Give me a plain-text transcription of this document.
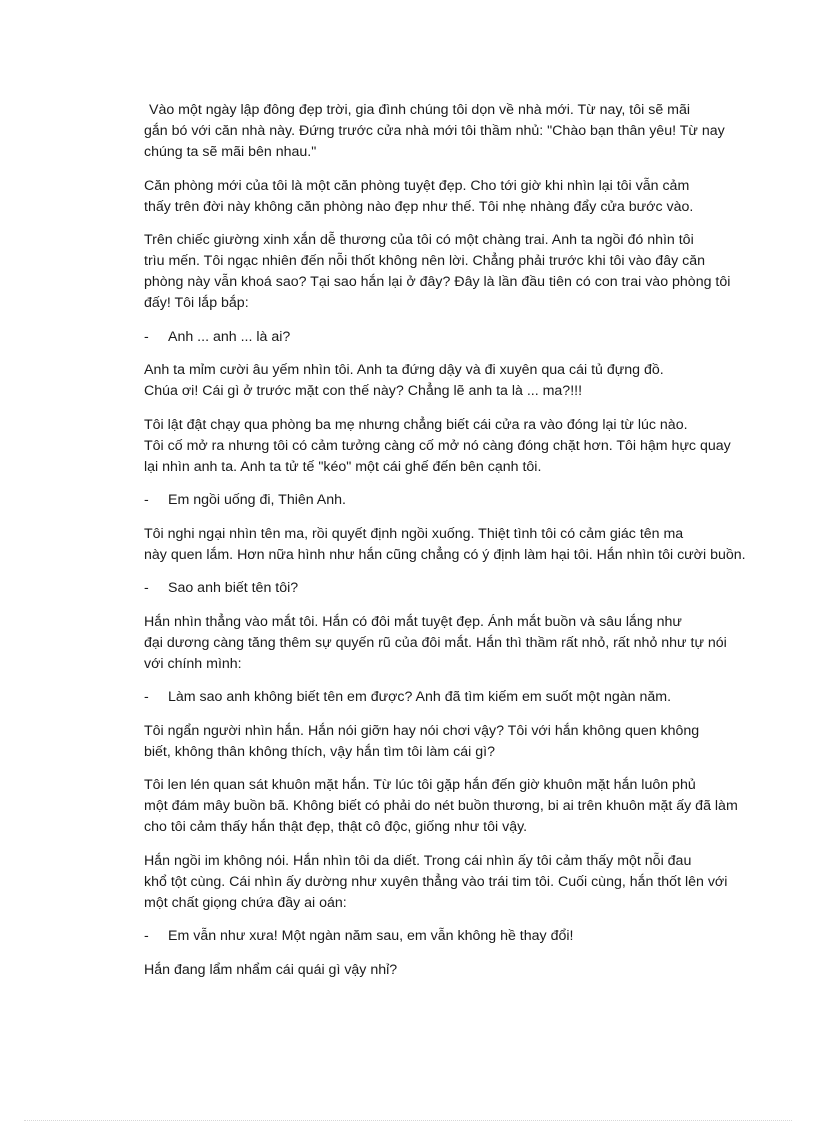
Vào một ngày lập đông đẹp trời, gia đình chúng tôi dọn về nhà mới. Từ nay, tôi sẽ mãi
gắn bó với căn nhà này. Đứng trước cửa nhà mới tôi thầm nhủ: "Chào bạn thân yêu! Từ nay
chúng ta sẽ mãi bên nhau."
Căn phòng mới của tôi là một căn phòng tuyệt đẹp. Cho tới giờ khi nhìn lại tôi vẫn cảm
thấy trên đời này không căn phòng nào đẹp như thế. Tôi nhẹ nhàng đẩy cửa bước vào.
Trên chiếc giường xinh xắn dễ thương của tôi có một chàng trai. Anh ta ngồi đó nhìn tôi
trìu mến. Tôi ngạc nhiên đến nỗi thốt không nên lời. Chẳng phải trước khi tôi vào đây căn
phòng này vẫn khoá sao? Tại sao hắn lại ở đây? Đây là lần đầu tiên có con trai vào phòng tôi
đấy! Tôi lắp bắp:
- Anh ... anh ... là ai?
Anh ta mỉm cười âu yếm nhìn tôi. Anh ta đứng dậy và đi xuyên qua cái tủ đựng đồ.
Chúa ơi! Cái gì ở trước mặt con thế này? Chẳng lẽ anh ta là ... ma?!!!
Tôi lật đật chạy qua phòng ba mẹ nhưng chẳng biết cái cửa ra vào đóng lại từ lúc nào.
Tôi cố mở ra nhưng tôi có cảm tưởng càng cố mở nó càng đóng chặt hơn. Tôi hậm hực quay
lại nhìn anh ta. Anh ta tử tế "kéo" một cái ghế đến bên cạnh tôi.
- Em ngồi uống đi, Thiên Anh.
Tôi nghi ngại nhìn tên ma, rồi quyết định ngồi xuống. Thiệt tình tôi có cảm giác tên ma
này quen lắm. Hơn nữa hình như hắn cũng chẳng có ý định làm hại tôi. Hắn nhìn tôi cười buồn.
- Sao anh biết tên tôi?
Hắn nhìn thẳng vào mắt tôi. Hắn có đôi mắt tuyệt đẹp. Ánh mắt buồn và sâu lắng như
đại dương càng tăng thêm sự quyến rũ của đôi mắt. Hắn thì thầm rất nhỏ, rất nhỏ như tự nói
với chính mình:
- Làm sao anh không biết tên em được? Anh đã tìm kiếm em suốt một ngàn năm.
Tôi ngẩn người nhìn hắn. Hắn nói giỡn hay nói chơi vậy? Tôi với hắn không quen không
biết, không thân không thích, vậy hắn tìm tôi làm cái gì?
Tôi len lén quan sát khuôn mặt hắn. Từ lúc tôi gặp hắn đến giờ khuôn mặt hắn luôn phủ
một đám mây buồn bã. Không biết có phải do nét buồn thương, bi ai trên khuôn mặt ấy đã làm
cho tôi cảm thấy hắn thật đẹp, thật cô độc, giống như tôi vậy.
Hắn ngồi im không nói. Hắn nhìn tôi da diết. Trong cái nhìn ấy tôi cảm thấy một nỗi đau
khổ tột cùng. Cái nhìn ấy dường như xuyên thẳng vào trái tim tôi. Cuối cùng, hắn thốt lên với
một chất giọng chứa đầy ai oán:
- Em vẫn như xưa! Một ngàn năm sau, em vẫn không hề thay đổi!
Hắn đang lẩm nhẩm cái quái gì vậy nhỉ?
